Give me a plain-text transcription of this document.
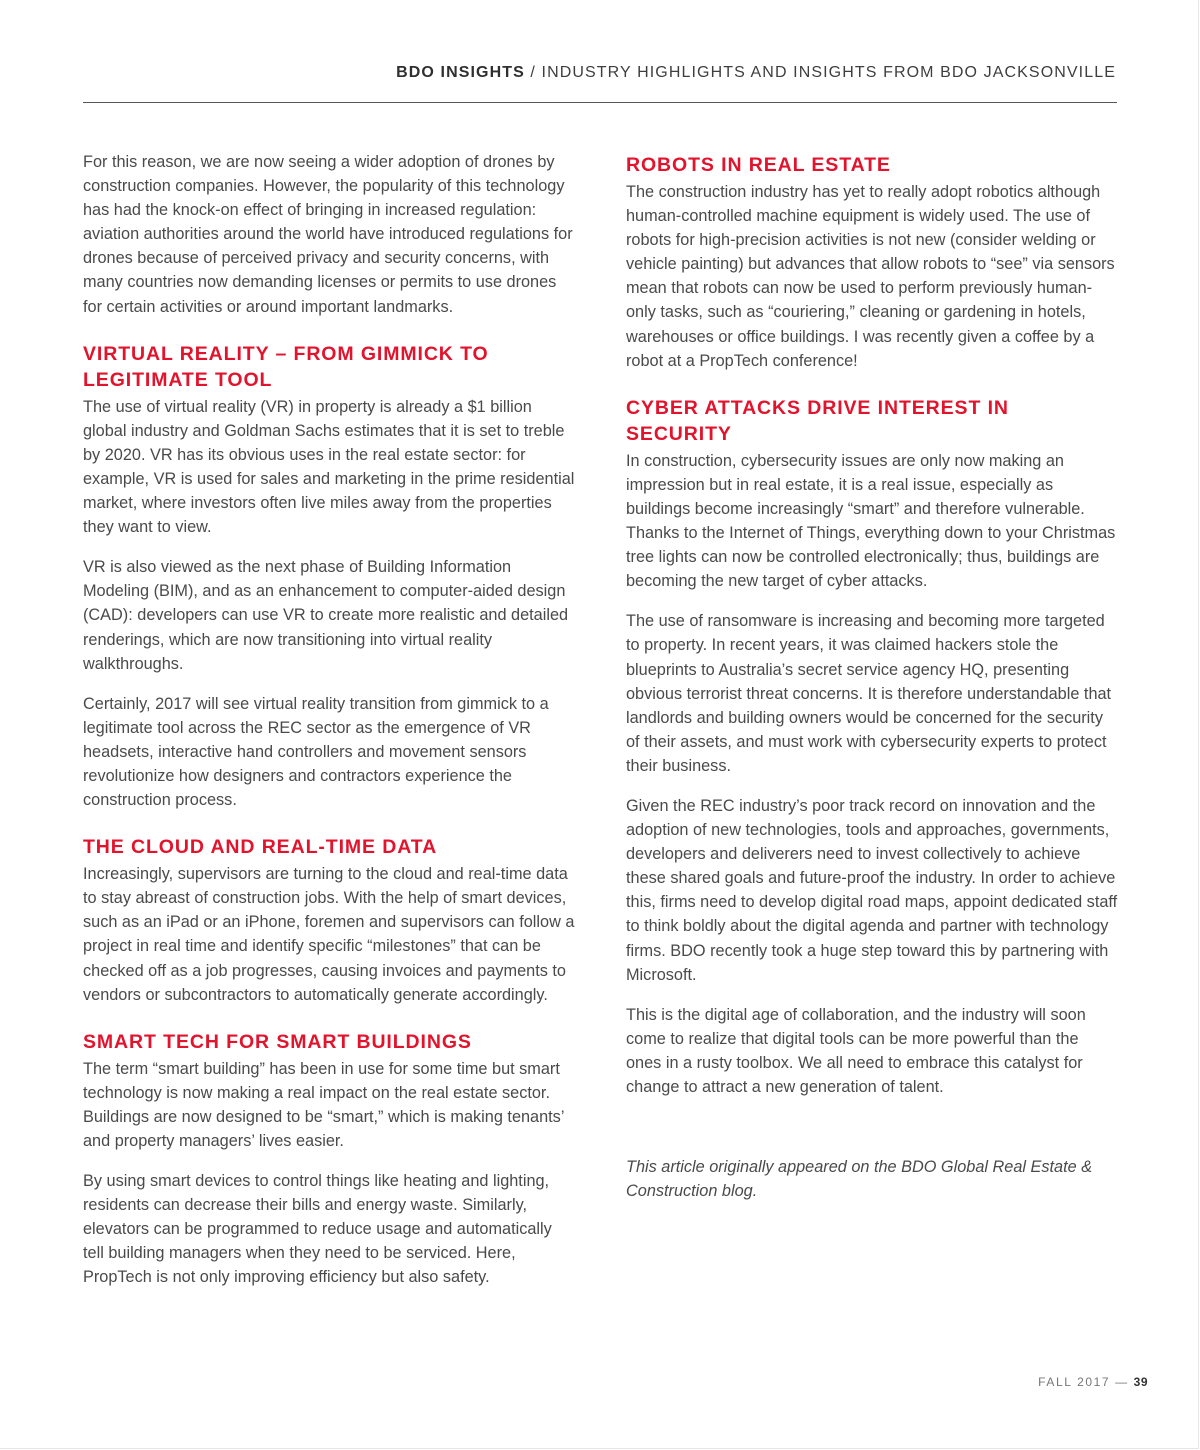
BDO INSIGHTS / INDUSTRY HIGHLIGHTS AND INSIGHTS FROM BDO JACKSONVILLE

For this reason, we are now seeing a wider adoption of drones by construction companies. However, the popularity of this technology has had the knock-on effect of bringing in increased regulation: aviation authorities around the world have introduced regulations for drones because of perceived privacy and security concerns, with many countries now demanding licenses or permits to use drones for certain activities or around important landmarks.

VIRTUAL REALITY – FROM GIMMICK TO LEGITIMATE TOOL

The use of virtual reality (VR) in property is already a $1 billion global industry and Goldman Sachs estimates that it is set to treble by 2020. VR has its obvious uses in the real estate sector: for example, VR is used for sales and marketing in the prime residential market, where investors often live miles away from the properties they want to view.

VR is also viewed as the next phase of Building Information Modeling (BIM), and as an enhancement to computer-aided design (CAD): developers can use VR to create more realistic and detailed renderings, which are now transitioning into virtual reality walkthroughs.

Certainly, 2017 will see virtual reality transition from gimmick to a legitimate tool across the REC sector as the emergence of VR headsets, interactive hand controllers and movement sensors revolutionize how designers and contractors experience the construction process.

THE CLOUD AND REAL-TIME DATA

Increasingly, supervisors are turning to the cloud and real-time data to stay abreast of construction jobs. With the help of smart devices, such as an iPad or an iPhone, foremen and supervisors can follow a project in real time and identify specific “milestones” that can be checked off as a job progresses, causing invoices and payments to vendors or subcontractors to automatically generate accordingly.

SMART TECH FOR SMART BUILDINGS

The term “smart building” has been in use for some time but smart technology is now making a real impact on the real estate sector. Buildings are now designed to be “smart,” which is making tenants’ and property managers’ lives easier.

By using smart devices to control things like heating and lighting, residents can decrease their bills and energy waste. Similarly, elevators can be programmed to reduce usage and automatically tell building managers when they need to be serviced. Here, PropTech is not only improving efficiency but also safety.

ROBOTS IN REAL ESTATE

The construction industry has yet to really adopt robotics although human-controlled machine equipment is widely used. The use of robots for high-precision activities is not new (consider welding or vehicle painting) but advances that allow robots to “see” via sensors mean that robots can now be used to perform previously human-only tasks, such as “couriering,” cleaning or gardening in hotels, warehouses or office buildings. I was recently given a coffee by a robot at a PropTech conference!

CYBER ATTACKS DRIVE INTEREST IN SECURITY

In construction, cybersecurity issues are only now making an impression but in real estate, it is a real issue, especially as buildings become increasingly “smart” and therefore vulnerable. Thanks to the Internet of Things, everything down to your Christmas tree lights can now be controlled electronically; thus, buildings are becoming the new target of cyber attacks.

The use of ransomware is increasing and becoming more targeted to property. In recent years, it was claimed hackers stole the blueprints to Australia’s secret service agency HQ, presenting obvious terrorist threat concerns. It is therefore understandable that landlords and building owners would be concerned for the security of their assets, and must work with cybersecurity experts to protect their business.

Given the REC industry’s poor track record on innovation and the adoption of new technologies, tools and approaches, governments, developers and deliverers need to invest collectively to achieve these shared goals and future-proof the industry. In order to achieve this, firms need to develop digital road maps, appoint dedicated staff to think boldly about the digital agenda and partner with technology firms. BDO recently took a huge step toward this by partnering with Microsoft.

This is the digital age of collaboration, and the industry will soon come to realize that digital tools can be more powerful than the ones in a rusty toolbox. We all need to embrace this catalyst for change to attract a new generation of talent.

This article originally appeared on the BDO Global Real Estate & Construction blog.

FALL 2017 — 39
